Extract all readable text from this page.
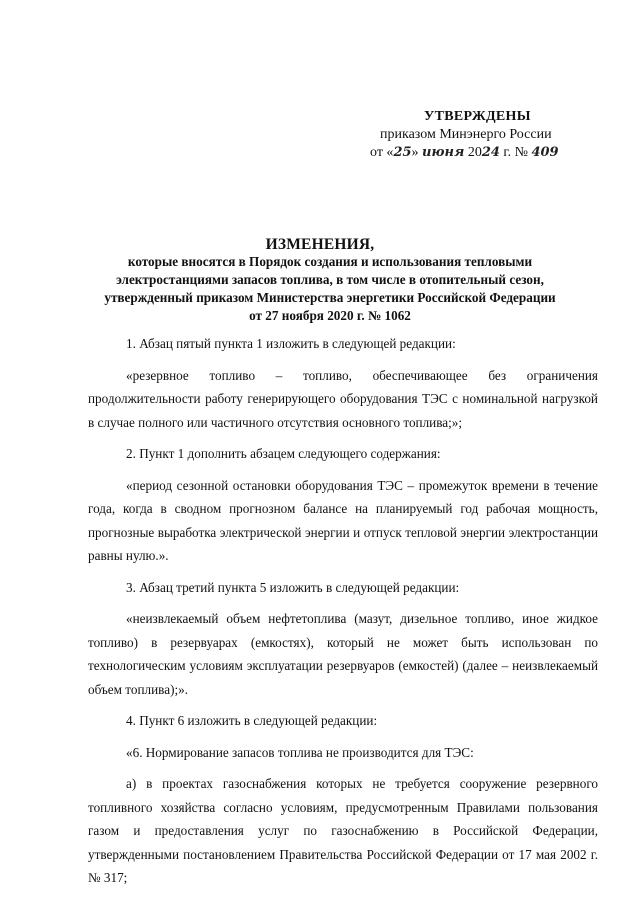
УТВЕРЖДЕНЫ
приказом Минэнерго России
от «25» июня 2024 г. № 409
ИЗМЕНЕНИЯ,
которые вносятся в Порядок создания и использования тепловыми
электростанциями запасов топлива, в том числе в отопительный сезон,
утвержденный приказом Министерства энергетики Российской Федерации
от 27 ноября 2020 г. № 1062

1. Абзац пятый пункта 1 изложить в следующей редакции:

«резервное топливо – топливо, обеспечивающее без ограничения продолжительности работу генерирующего оборудования ТЭС с номинальной нагрузкой в случае полного или частичного отсутствия основного топлива;»;

2. Пункт 1 дополнить абзацем следующего содержания:

«период сезонной остановки оборудования ТЭС – промежуток времени в течение года, когда в сводном прогнозном балансе на планируемый год рабочая мощность, прогнозные выработка электрической энергии и отпуск тепловой энергии электростанции равны нулю.».

3. Абзац третий пункта 5 изложить в следующей редакции:

«неизвлекаемый объем нефтетоплива (мазут, дизельное топливо, иное жидкое топливо) в резервуарах (емкостях), который не может быть использован по технологическим условиям эксплуатации резервуаров (емкостей) (далее – неизвлекаемый объем топлива);».

4. Пункт 6 изложить в следующей редакции:

«6. Нормирование запасов топлива не производится для ТЭС:

а) в проектах газоснабжения которых не требуется сооружение резервного топливного хозяйства согласно условиям, предусмотренным Правилами пользования газом и предоставления услуг по газоснабжению в Российской Федерации, утвержденными постановлением Правительства Российской Федерации от 17 мая 2002 г. № 317;
